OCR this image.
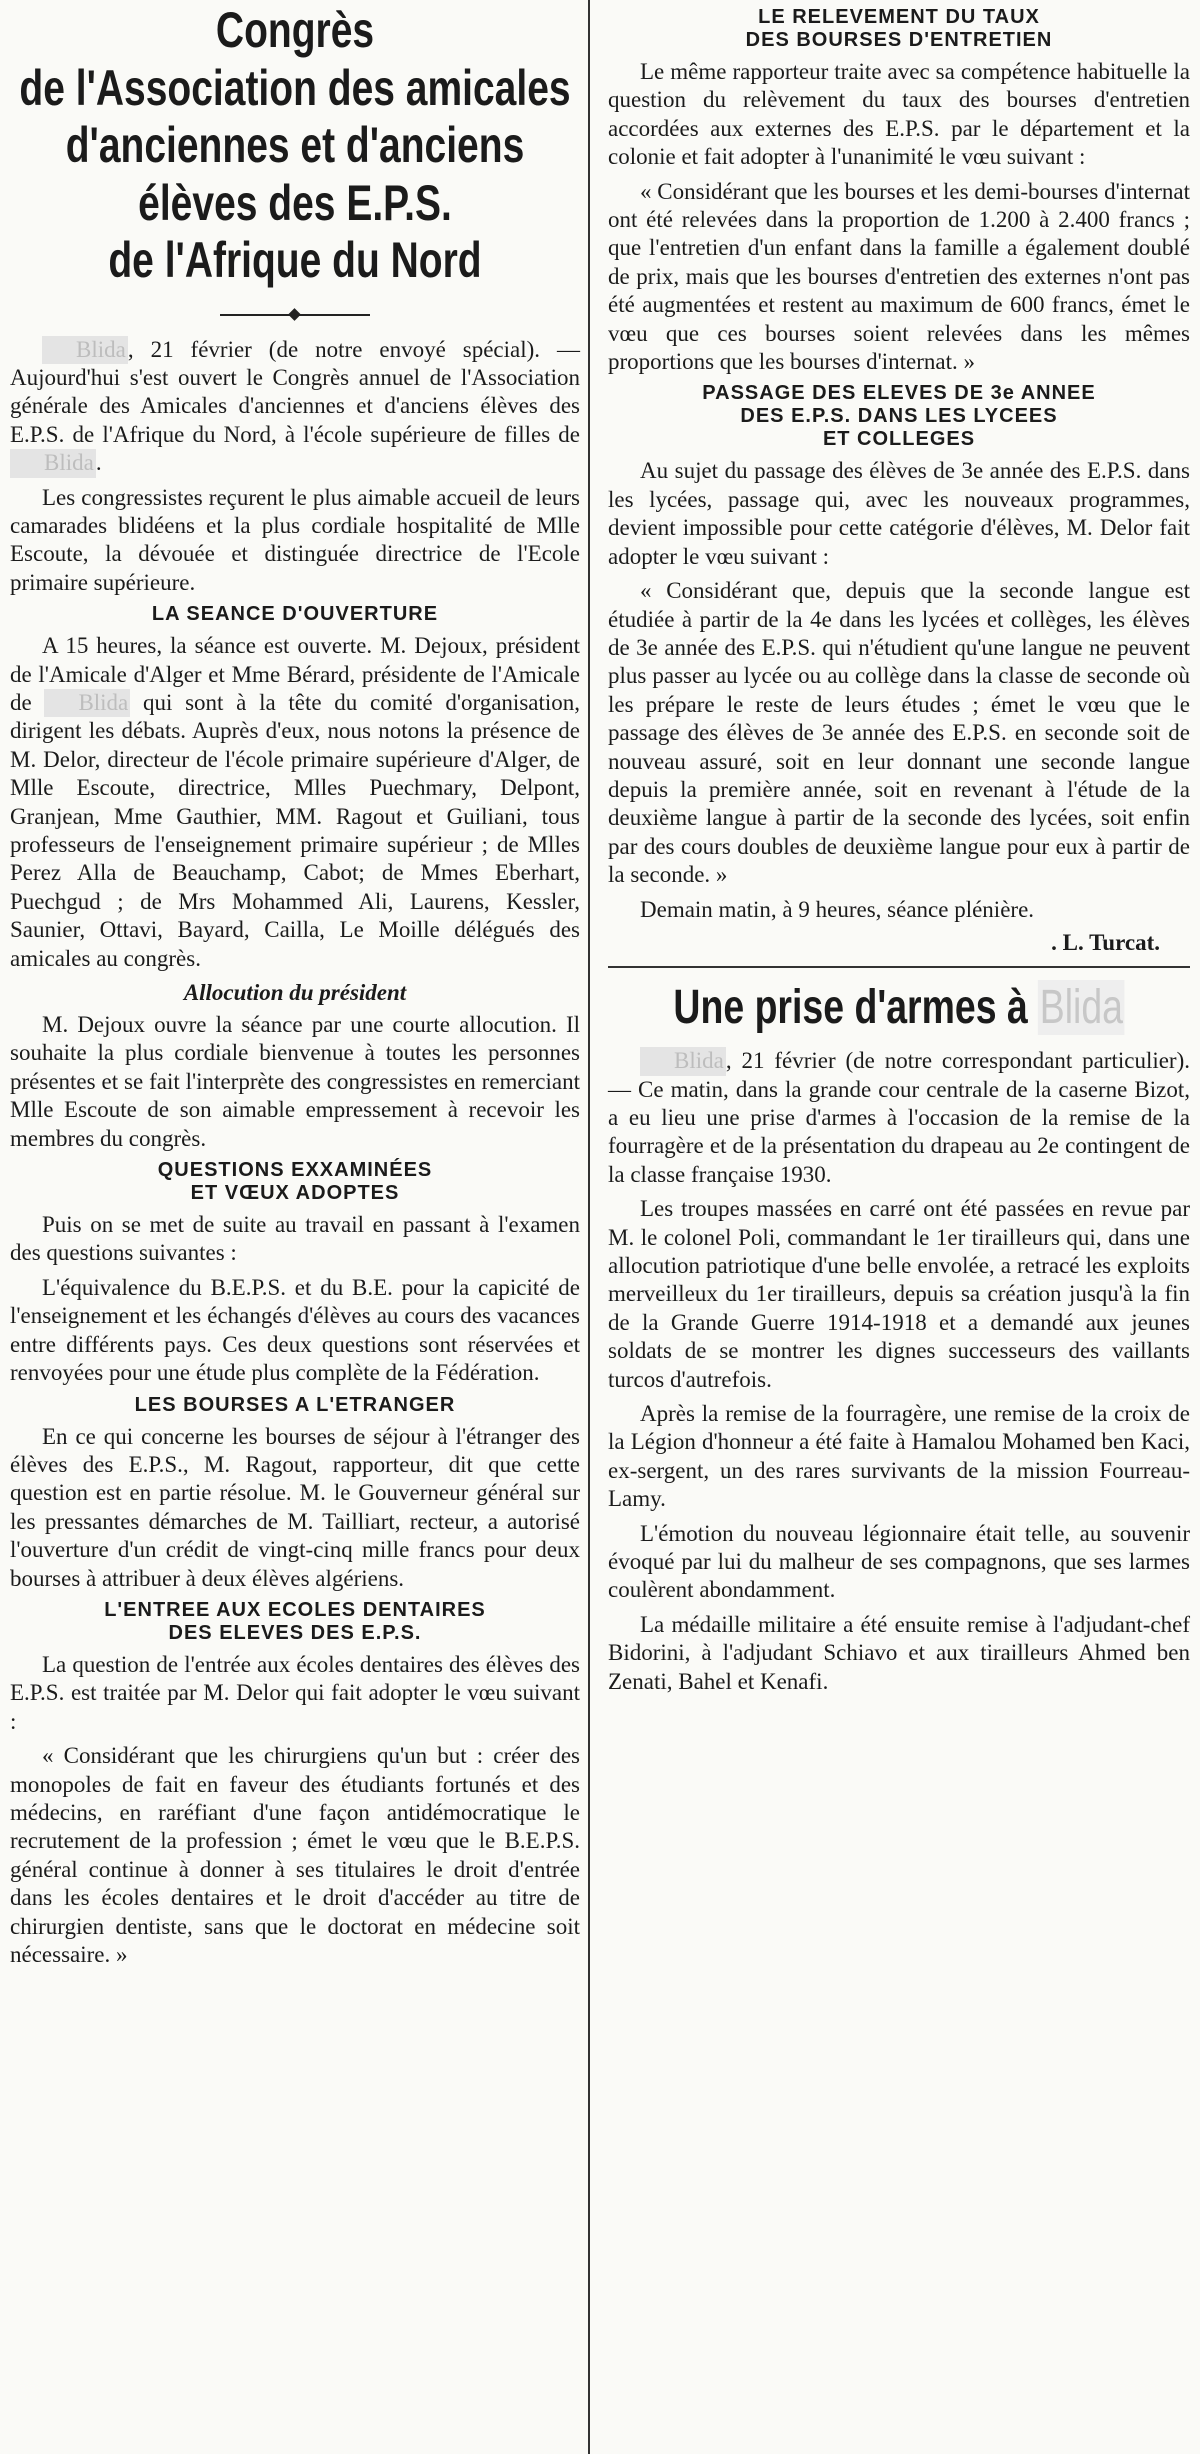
Congrès
de l'Association des amicales
d'anciennes et d'anciens
élèves des E.P.S.
de l'Afrique du Nord

Blida, 21 février (de notre envoyé spécial). — Aujourd'hui s'est ouvert le Congrès annuel de l'Association générale des Amicales d'anciennes et d'anciens élèves des E.P.S. de l'Afrique du Nord, à l'école supérieure de filles de Blida.

Les congressistes reçurent le plus aimable accueil de leurs camarades blidéens et la plus cordiale hospitalité de Mlle Escoute, la dévouée et distinguée directrice de l'Ecole primaire supérieure.

LA SEANCE D'OUVERTURE

A 15 heures, la séance est ouverte. M. Dejoux, président de l'Amicale d'Alger et Mme Bérard, présidente de l'Amicale de Blida qui sont à la tête du comité d'organisation, dirigent les débats. Auprès d'eux, nous notons la présence de M. Delor, directeur de l'école primaire supérieure d'Alger, de Mlle Escoute, directrice, Mlles Puechmary, Delpont, Granjean, Mme Gauthier, MM. Ragout et Guiliani, tous professeurs de l'enseignement primaire supérieur ; de Mlles Perez Alla de Beauchamp, Cabot; de Mmes Eberhart, Puechgud ; de Mrs Mohammed Ali, Laurens, Kessler, Saunier, Ottavi, Bayard, Cailla, Le Moille délégués des amicales au congrès.

Allocution du président

M. Dejoux ouvre la séance par une courte allocution. Il souhaite la plus cordiale bienvenue à toutes les personnes présentes et se fait l'interprète des congressistes en remerciant Mlle Escoute de son aimable empressement à recevoir les membres du congrès.

QUESTIONS EXXAMINÉES
ET VŒUX ADOPTES

Puis on se met de suite au travail en passant à l'examen des questions suivantes :

L'équivalence du B.E.P.S. et du B.E. pour la capicité de l'enseignement et les échangés d'élèves au cours des vacances entre différents pays. Ces deux questions sont réservées et renvoyées pour une étude plus complète de la Fédération.

LES BOURSES A L'ETRANGER

En ce qui concerne les bourses de séjour à l'étranger des élèves des E.P.S., M. Ragout, rapporteur, dit que cette question est en partie résolue. M. le Gouverneur général sur les pressantes démarches de M. Tailliart, recteur, a autorisé l'ouverture d'un crédit de vingt-cinq mille francs pour deux bourses à attribuer à deux élèves algériens.

L'ENTREE AUX ECOLES DENTAIRES
DES ELEVES DES E.P.S.

La question de l'entrée aux écoles dentaires des élèves des E.P.S. est traitée par M. Delor qui fait adopter le vœu suivant :

« Considérant que les chirurgiens qu'un but : créer des monopoles de fait en faveur des étudiants fortunés et des médecins, en raréfiant d'une façon antidémocratique le recrutement de la profession ; émet le vœu que le B.E.P.S. général continue à donner à ses titulaires le droit d'entrée dans les écoles dentaires et le droit d'accéder au titre de chirurgien dentiste, sans que le doctorat en médecine soit nécessaire. »

LE RELEVEMENT DU TAUX
DES BOURSES D'ENTRETIEN

Le même rapporteur traite avec sa compétence habituelle la question du relèvement du taux des bourses d'entretien accordées aux externes des E.P.S. par le département et la colonie et fait adopter à l'unanimité le vœu suivant :

« Considérant que les bourses et les demi-bourses d'internat ont été relevées dans la proportion de 1.200 à 2.400 francs ; que l'entretien d'un enfant dans la famille a également doublé de prix, mais que les bourses d'entretien des externes n'ont pas été augmentées et restent au maximum de 600 francs, émet le vœu que ces bourses soient relevées dans les mêmes proportions que les bourses d'internat. »

PASSAGE DES ELEVES DE 3e ANNEE
DES E.P.S. DANS LES LYCEES
ET COLLEGES

Au sujet du passage des élèves de 3e année des E.P.S. dans les lycées, passage qui, avec les nouveaux programmes, devient impossible pour cette catégorie d'élèves, M. Delor fait adopter le vœu suivant :

« Considérant que, depuis que la seconde langue est étudiée à partir de la 4e dans les lycées et collèges, les élèves de 3e année des E.P.S. qui n'étudient qu'une langue ne peuvent plus passer au lycée ou au collège dans la classe de seconde où les prépare le reste de leurs études ; émet le vœu que le passage des élèves de 3e année des E.P.S. en seconde soit de nouveau assuré, soit en leur donnant une seconde langue depuis la première année, soit en revenant à l'étude de la deuxième langue à partir de la seconde des lycées, soit enfin par des cours doubles de deuxième langue pour eux à partir de la seconde. »

Demain matin, à 9 heures, séance plénière.

. L. Turcat.
Une prise d'armes à Blida

Blida, 21 février (de notre correspondant particulier). — Ce matin, dans la grande cour centrale de la caserne Bizot, a eu lieu une prise d'armes à l'occasion de la remise de la fourragère et de la présentation du drapeau au 2e contingent de la classe française 1930.

Les troupes massées en carré ont été passées en revue par M. le colonel Poli, commandant le 1er tirailleurs qui, dans une allocution patriotique d'une belle envolée, a retracé les exploits merveilleux du 1er tirailleurs, depuis sa création jusqu'à la fin de la Grande Guerre 1914-1918 et a demandé aux jeunes soldats de se montrer les dignes successeurs des vaillants turcos d'autrefois.

Après la remise de la fourragère, une remise de la croix de la Légion d'honneur a été faite à Hamalou Mohamed ben Kaci, ex-sergent, un des rares survivants de la mission Fourreau-Lamy.

L'émotion du nouveau légionnaire était telle, au souvenir évoqué par lui du malheur de ses compagnons, que ses larmes coulèrent abondamment.

La médaille militaire a été ensuite remise à l'adjudant-chef Bidorini, à l'adjudant Schiavo et aux tirailleurs Ahmed ben Zenati, Bahel et Kenafi.
